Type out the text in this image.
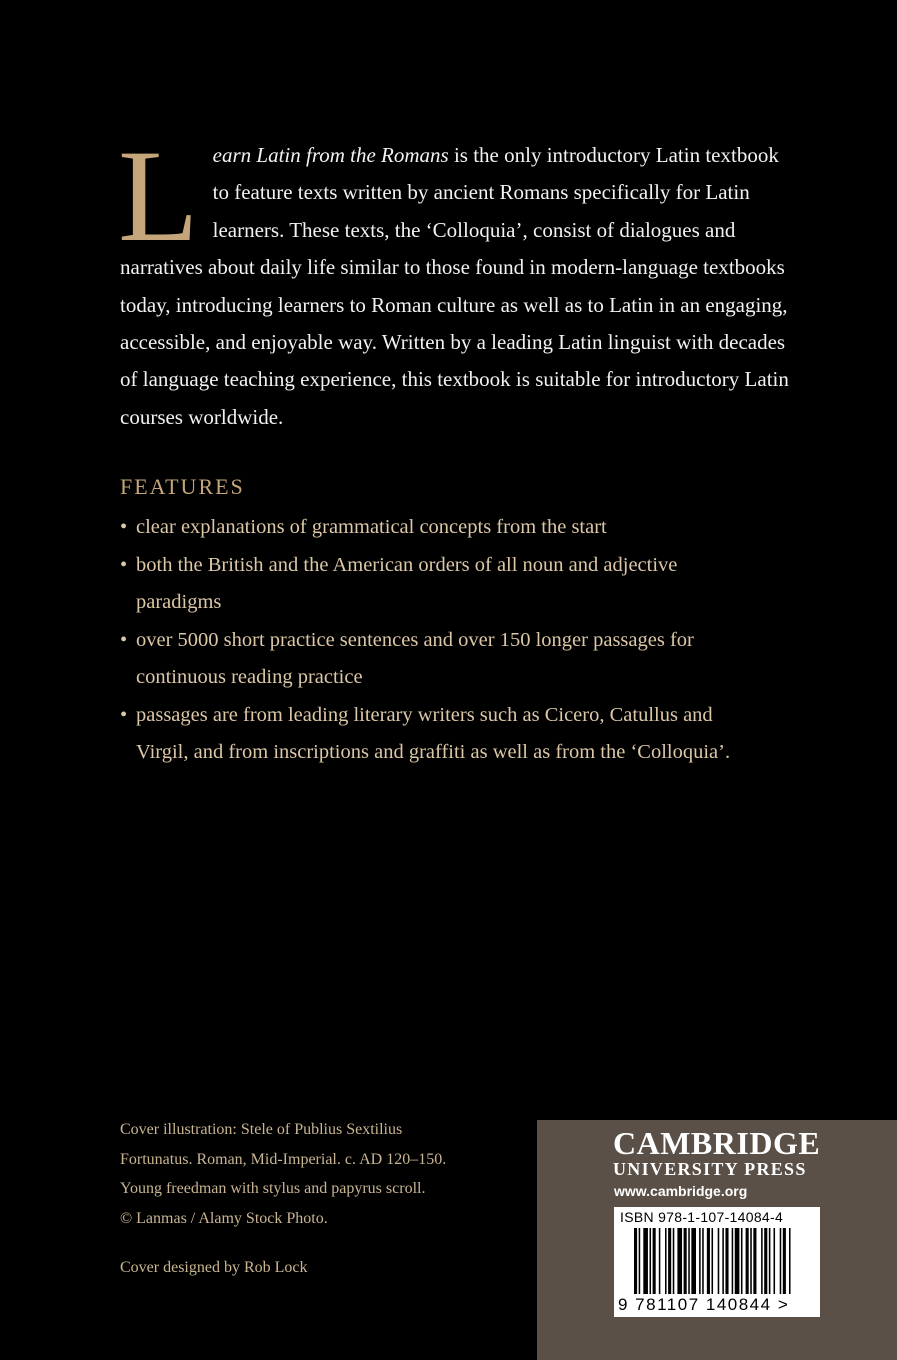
Learn Latin from the Romans is the only introductory Latin textbook to feature texts written by ancient Romans specifically for Latin learners. These texts, the ‘Colloquia’, consist of dialogues and narratives about daily life similar to those found in modern-language textbooks today, introducing learners to Roman culture as well as to Latin in an engaging, accessible, and enjoyable way. Written by a leading Latin linguist with decades of language teaching experience, this textbook is suitable for introductory Latin courses worldwide.
FEATURES
• clear explanations of grammatical concepts from the start
• both the British and the American orders of all noun and adjective paradigms
• over 5000 short practice sentences and over 150 longer passages for continuous reading practice
• passages are from leading literary writers such as Cicero, Catullus and Virgil, and from inscriptions and graffiti as well as from the ‘Colloquia’.
Cover illustration: Stele of Publius Sextilius
Fortunatus. Roman, Mid-Imperial. c. AD 120–150.
Young freedman with stylus and papyrus scroll.
© Lanmas / Alamy Stock Photo.
Cover designed by Rob Lock
CAMBRIDGE
UNIVERSITY PRESS
www.cambridge.org
ISBN 978-1-107-14084-4
9 781107 140844 >
